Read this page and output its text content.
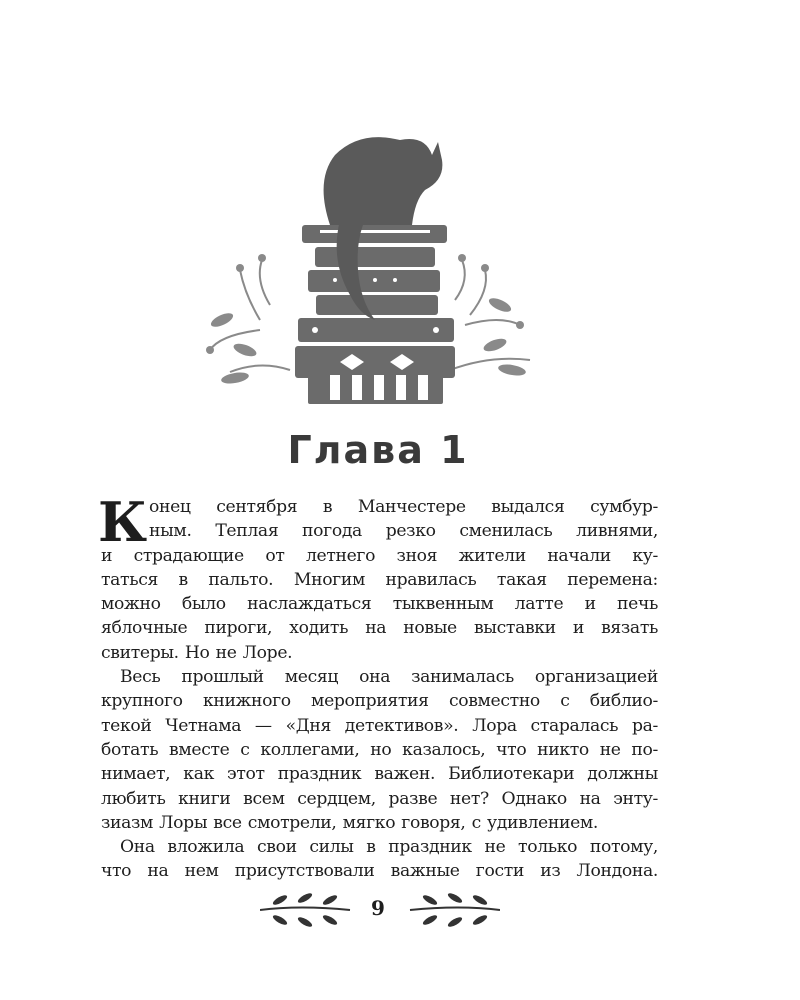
Глава 1
К онец сентября в Манчестере выдался сумбур-
ным. Теплая погода резко сменилась ливнями,
и страдающие от летнего зноя жители начали ку-
таться в пальто. Многим нравилась такая перемена:
можно было наслаждаться тыквенным латте и печь
яблочные пироги, ходить на новые выставки и вязать
свитеры. Но не Лоре.
Весь прошлый месяц она занималась организацией
крупного книжного мероприятия совместно с библио-
текой Четнама — «Дня детективов». Лора старалась ра-
ботать вместе с коллегами, но казалось, что никто не по-
нимает, как этот праздник важен. Библиотекари должны
любить книги всем сердцем, разве нет? Однако на энту-
зиазм Лоры все смотрели, мягко говоря, с удивлением.
Она вложила свои силы в праздник не только потому,
что на нем присутствовали важные гости из Лондона.
9
